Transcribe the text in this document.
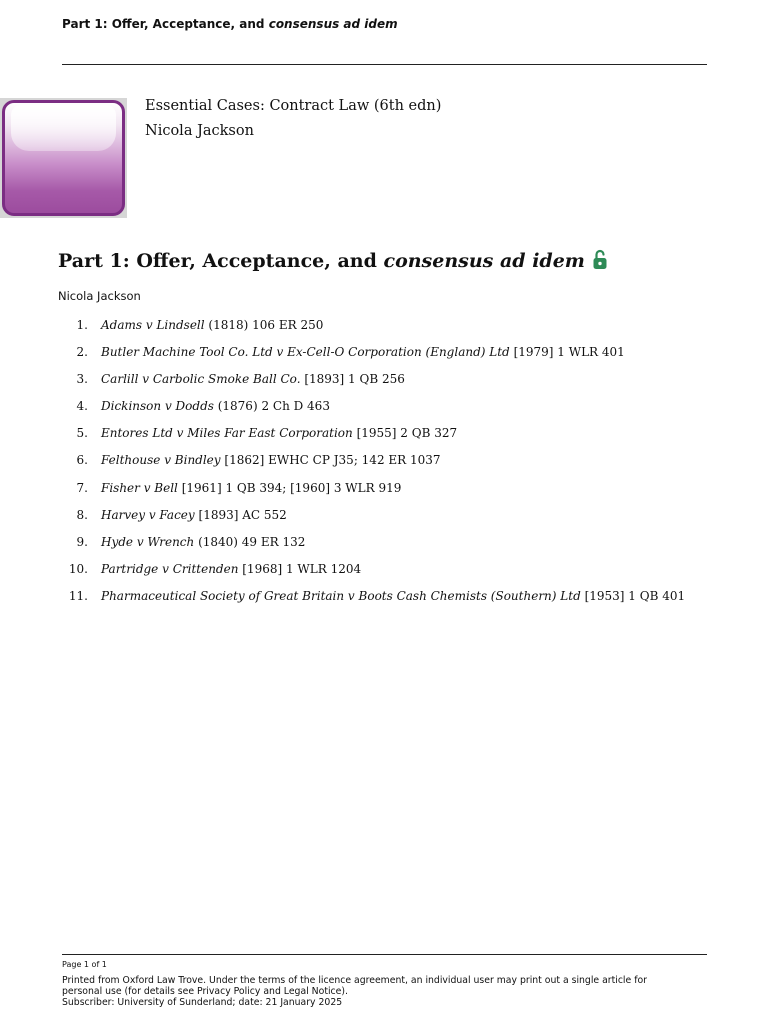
Part 1: Offer, Acceptance, and consensus ad idem
Essential Cases: Contract Law (6th edn)
Nicola Jackson
Part 1: Offer, Acceptance, and consensus ad idem
Nicola Jackson
1.	Adams v Lindsell (1818) 106 ER 250
2.	Butler Machine Tool Co. Ltd v Ex-Cell-O Corporation (England) Ltd [1979] 1 WLR 401
3.	Carlill v Carbolic Smoke Ball Co. [1893] 1 QB 256
4.	Dickinson v Dodds (1876) 2 Ch D 463
5.	Entores Ltd v Miles Far East Corporation [1955] 2 QB 327
6.	Felthouse v Bindley [1862] EWHC CP J35; 142 ER 1037
7.	Fisher v Bell [1961] 1 QB 394; [1960] 3 WLR 919
8.	Harvey v Facey [1893] AC 552
9.	Hyde v Wrench (1840) 49 ER 132
10.	Partridge v Crittenden [1968] 1 WLR 1204
11.	Pharmaceutical Society of Great Britain v Boots Cash Chemists (Southern) Ltd [1953] 1 QB 401
Page 1 of 1
Printed from Oxford Law Trove. Under the terms of the licence agreement, an individual user may print out a single article for
personal use (for details see Privacy Policy and Legal Notice).
Subscriber: University of Sunderland; date: 21 January 2025
